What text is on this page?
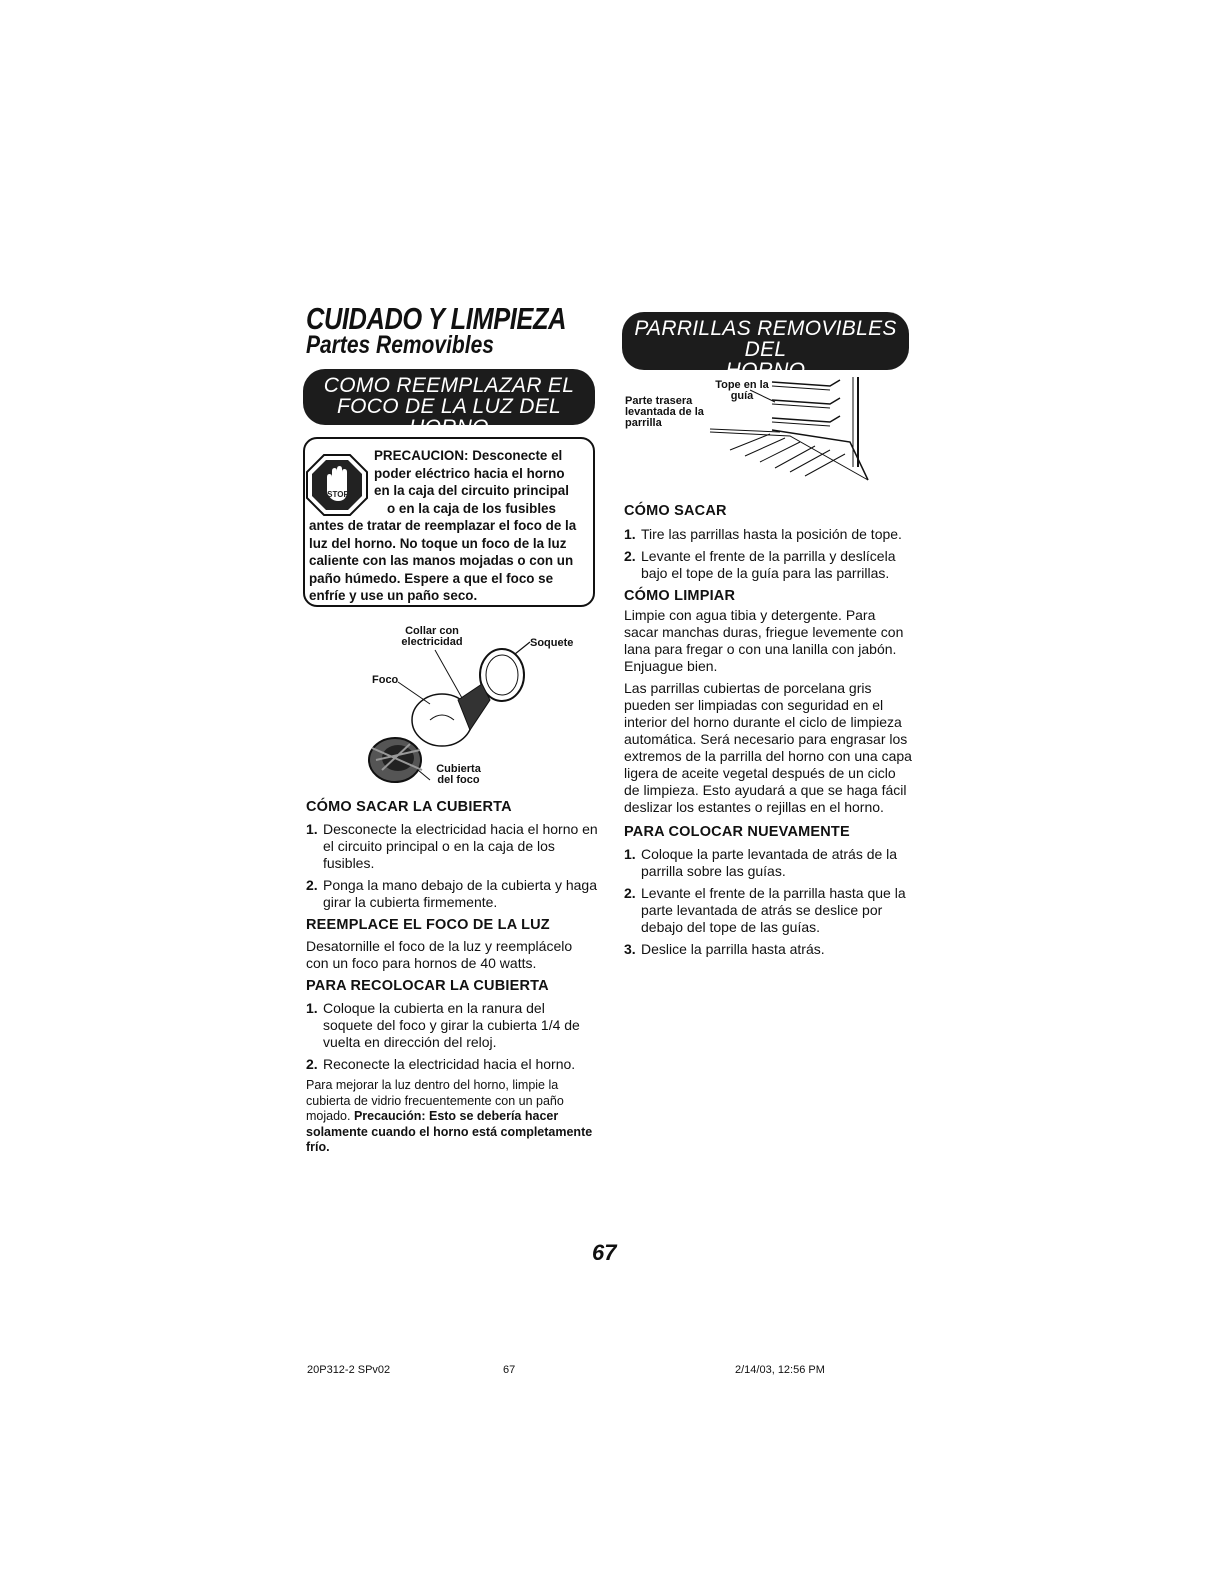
CUIDADO Y LIMPIEZA
Partes Removibles
COMO REEMPLAZAR EL
FOCO DE LA LUZ DEL HORNO
STOP
PRECAUCION: Desconecte el
poder eléctrico hacia el horno
en la caja del circuito principal
o en la caja de los fusibles
antes de tratar de reemplazar el foco de la
luz del horno. No toque un foco de la luz
caliente con las manos mojadas o con un
paño húmedo. Espere a que el foco se
enfríe y use un paño seco.
Collar con electricidad	Soquete
Foco
Cubierta del foco
CÓMO SACAR LA CUBIERTA
1. Desconecte la electricidad hacia el horno en el circuito principal o en la caja de los fusibles.
2. Ponga la mano debajo de la cubierta y haga girar la cubierta firmemente.
REEMPLACE EL FOCO DE LA LUZ
Desatornille el foco de la luz y reemplácelo con un foco para hornos de 40 watts.
PARA RECOLOCAR LA CUBIERTA
1. Coloque la cubierta en la ranura del soquete del foco y girar la cubierta 1/4 de vuelta en dirección del reloj.
2. Reconecte la electricidad hacia el horno.
Para mejorar la luz dentro del horno, limpie la cubierta de vidrio frecuentemente con un paño mojado. Precaución: Esto se debería hacer solamente cuando el horno está completamente frío.
PARRILLAS REMOVIBLES DEL
HORNO
Tope en la guía
Parte trasera levantada de la parrilla
CÓMO SACAR
1. Tire las parrillas hasta la posición de tope.
2. Levante el frente de la parrilla y deslícela bajo el tope de la guía para las parrillas.
CÓMO LIMPIAR
Limpie con agua tibia y detergente. Para sacar manchas duras, friegue levemente con lana para fregar o con una lanilla con jabón. Enjuague bien.
Las parrillas cubiertas de porcelana gris pueden ser limpiadas con seguridad en el interior del horno durante el ciclo de limpieza automática. Será necesario para engrasar los extremos de la parrilla del horno con una capa ligera de aceite vegetal después de un ciclo de limpieza. Esto ayudará a que se haga fácil deslizar los estantes o rejillas en el horno.
PARA COLOCAR NUEVAMENTE
1. Coloque la parte levantada de atrás de la parrilla sobre las guías.
2. Levante el frente de la parrilla hasta que la parte levantada de atrás se deslice por debajo del tope de las guías.
3. Deslice la parrilla hasta atrás.
67
20P312-2 SPv02	67	2/14/03, 12:56 PM
